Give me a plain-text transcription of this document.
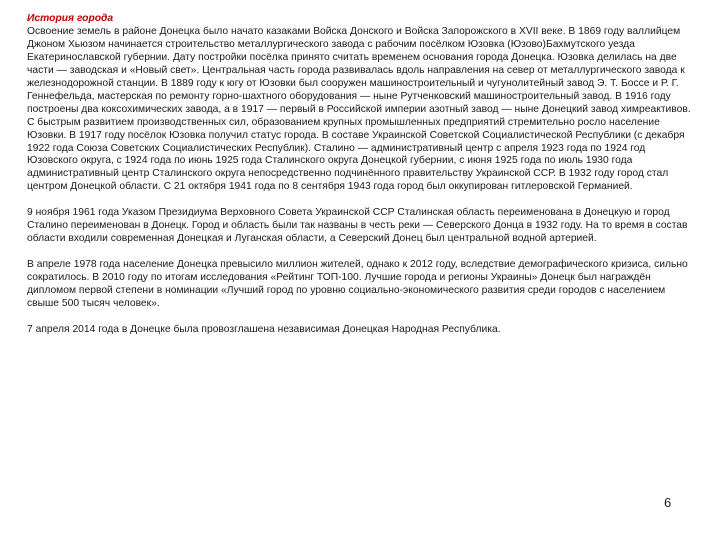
История города

Освоение земель в районе Донецка было начато казаками Войска Донского и Войска Запорожского в XVII веке. В 1869 году валлийцем Джоном Хьюзом начинается строительство металлургического завода с рабочим посёлком Юзовка (Юзово)Бахмутского уезда Екатеринославской губернии. Дату постройки посёлка принято считать временем основания города Донецка. Юзовка делилась на две части — заводская и «Новый свет». Центральная часть города развивалась вдоль направления на север от металлургического завода к железнодорожной станции. В 1889 году к югу от Юзовки был сооружен машиностроительный и чугунолитейный завод Э. Т. Боссе и Р. Г. Геннефельда, мастерская по ремонту горно-шахтного оборудования — ныне Рутченковский машиностроительный завод. В 1916 году построены два коксохимических завода, а в 1917 — первый в Российской империи азотный завод — ныне Донецкий завод химреактивов. С быстрым развитием производственных сил, образованием крупных промышленных предприятий стремительно росло население Юзовки. В 1917 году посёлок Юзовка получил статус города. В составе Украинской Советской Социалистической Республики (с декабря 1922 года Союза Советских Социалистических Республик). Сталино — административный центр с апреля 1923 года по 1924 год Юзовского округа, с 1924 года по июнь 1925 года Сталинского округа Донецкой губернии, с июня 1925 года по июль 1930 года административный центр Сталинского округа непосредственно подчинённого правительству Украинской ССР. В 1932 году город стал центром Донецкой области. С 21 октября 1941 года по 8 сентября 1943 года город был оккупирован гитлеровской Германией.

9 ноября 1961 года Указом Президиума Верховного Совета Украинской ССР Сталинская область переименована в Донецкую и город Сталино переименован в Донецк. Город и область были так названы в честь реки — Северского Донца в 1932 году. На то время в состав области входили современная Донецкая и Луганская области, а Северский Донец был центральной водной артерией.

В апреле 1978 года население Донецка превысило миллион жителей, однако к 2012 году, вследствие демографического кризиса, сильно сократилось. В 2010 году по итогам исследования «Рейтинг ТОП-100. Лучшие города и регионы Украины» Донецк был награждён дипломом первой степени в номинации «Лучший город по уровню социально-экономического развития среди городов с населением свыше 500 тысяч человек».

7 апреля 2014 года в Донецке была провозглашена независимая Донецкая Народная Республика.

6
